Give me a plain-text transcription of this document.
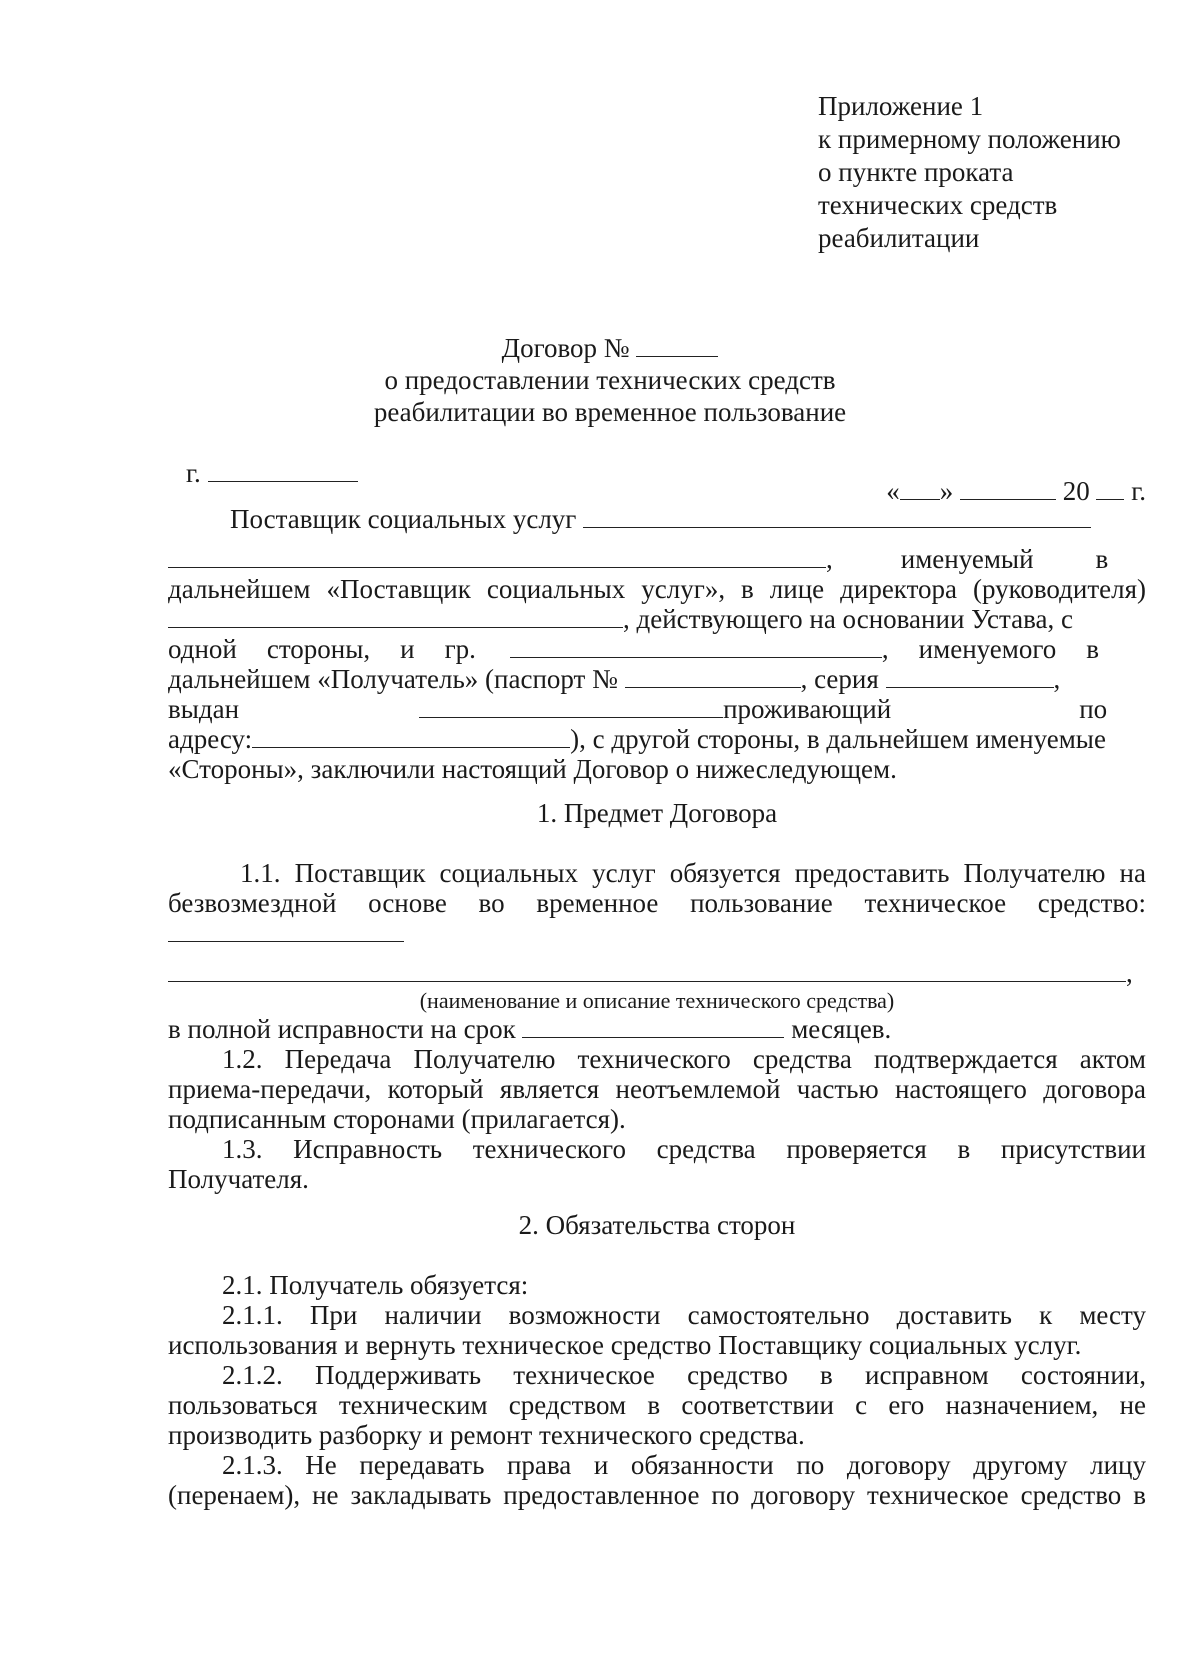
Приложение 1
к примерному положению
о пункте проката
технических средств
реабилитации
Договор №
о предоставлении технических средств
реабилитации во временное пользование
г.
« »	20 г.
Поставщик социальных услуг
,	именуемый в
дальнейшем «Поставщик социальных услуг», в лице директора (руководителя)
, действующего на основании Устава, с
одной стороны, и гр.	, именуемого в
дальнейшем «Получатель» (паспорт №	, серия	,
выдан	проживающий	по
адресу:	), с другой стороны, в дальнейшем именуемые
«Стороны», заключили настоящий Договор о нижеследующем.
1. Предмет Договора
1.1. Поставщик социальных услуг обязуется предоставить Получателю на
безвозмездной основе во временное пользование техническое средство:
,
(наименование и описание технического средства)
в полной исправности на срок	месяцев.
1.2. Передача Получателю технического средства подтверждается актом
приема-передачи, который является неотъемлемой частью настоящего договора
подписанным сторонами (прилагается).
1.3. Исправность технического средства проверяется в присутствии
Получателя.
2. Обязательства сторон
2.1. Получатель обязуется:
2.1.1. При наличии возможности самостоятельно доставить к месту
использования и вернуть техническое средство Поставщику социальных услуг.
2.1.2. Поддерживать техническое средство в исправном состоянии,
пользоваться техническим средством в соответствии с его назначением, не
производить разборку и ремонт технического средства.
2.1.3. Не передавать права и обязанности по договору другому лицу
(перенаем), не закладывать предоставленное по договору техническое средство в
